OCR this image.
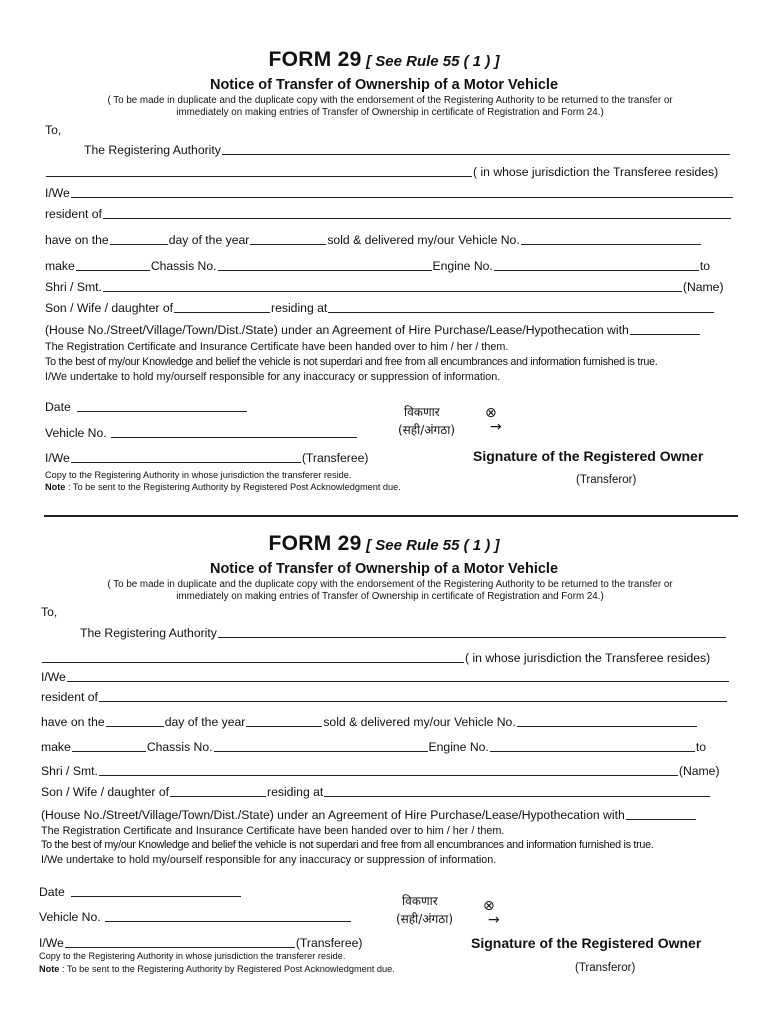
FORM 29 [ See Rule 55 ( 1 ) ]
Notice of Transfer of Ownership of a Motor Vehicle
( To be made in duplicate and the duplicate copy with the endorsement of the Registering Authority to be returned to the transfer or
immediately on making entries of Transfer of Ownership in certificate of Registration and Form 24.)
To,
The Registering Authority
( in whose jurisdiction the Transferee resides)
I/We
resident of
have on the	day of the year	sold & delivered my/our Vehicle No.
make	Chassis No.	Engine No.	to
Shri / Smt.	(Name)
Son / Wife / daughter of	residing at
(House No./Street/Village/Town/Dist./State) under an Agreement of Hire Purchase/Lease/Hypothecation with
The Registration Certificate and Insurance Certificate have been handed over to him / her / them.
To the best of my/our Knowledge and belief the vehicle is not superdari and free from all encumbrances and information furnished is true.
I/We undertake to hold my/ourself responsible for any inaccuracy or suppression of information.
Date
Vehicle No.
I/We	(Transferee)
विकणार
(सही/अंगठा)
⊗
→
Signature of the Registered Owner
(Transferor)
Copy to the Registering Authority in whose jurisdiction the transferer reside.
Note : To be sent to the Registering Authority by Registered Post Acknowledgment due.
FORM 29 [ See Rule 55 ( 1 ) ]
Notice of Transfer of Ownership of a Motor Vehicle
( To be made in duplicate and the duplicate copy with the endorsement of the Registering Authority to be returned to the transfer or
immediately on making entries of Transfer of Ownership in certificate of Registration and Form 24.)
To,
The Registering Authority
( in whose jurisdiction the Transferee resides)
I/We
resident of
have on the	day of the year	sold & delivered my/our Vehicle No.
make	Chassis No.	Engine No.	to
Shri / Smt.	(Name)
Son / Wife / daughter of	residing at
(House No./Street/Village/Town/Dist./State) under an Agreement of Hire Purchase/Lease/Hypothecation with
The Registration Certificate and Insurance Certificate have been handed over to him / her / them.
To the best of my/our Knowledge and belief the vehicle is not superdari and free from all encumbrances and information furnished is true.
I/We undertake to hold my/ourself responsible for any inaccuracy or suppression of information.
Date
Vehicle No.
I/We	(Transferee)
विकणार
(सही/अंगठा)
⊗
→
Signature of the Registered Owner
(Transferor)
Copy to the Registering Authority in whose jurisdiction the transferer reside.
Note : To be sent to the Registering Authority by Registered Post Acknowledgment due.
